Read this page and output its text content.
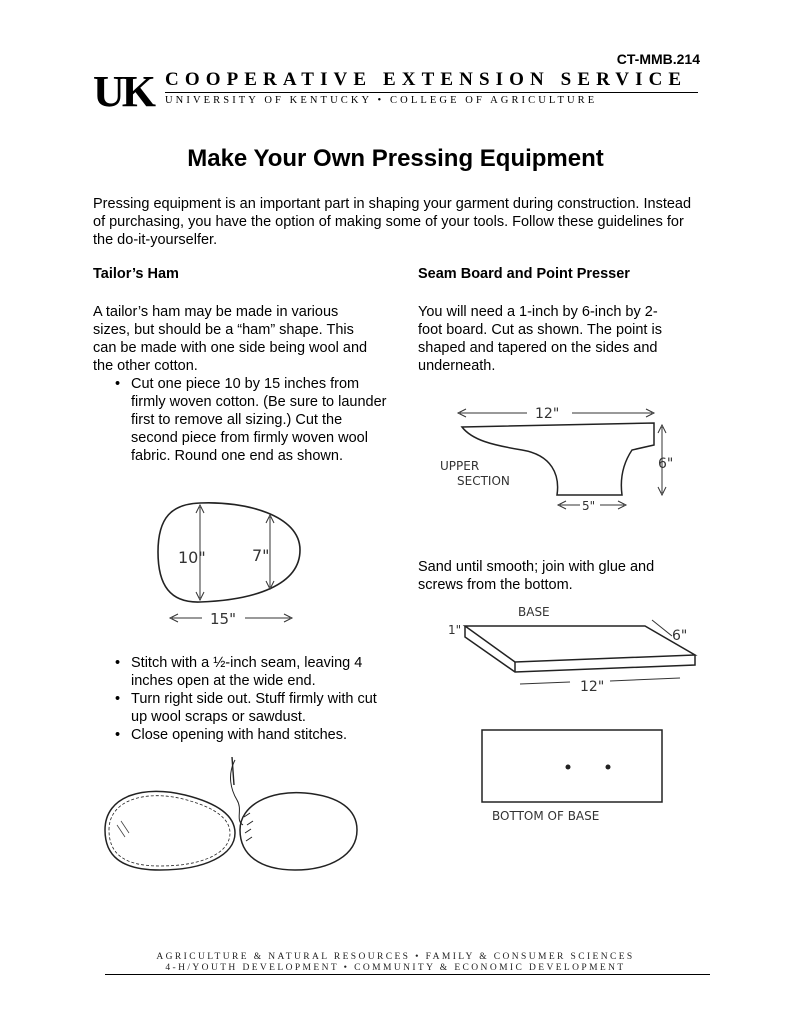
CT-MMB.214
UK COOPERATIVE EXTENSION SERVICE
UNIVERSITY OF KENTUCKY • COLLEGE OF AGRICULTURE
Make Your Own Pressing Equipment
Pressing equipment is an important part in shaping your garment during construction. Instead of purchasing, you have the option of making some of your tools. Follow these guidelines for the do-it-yourselfer.
Tailor’s Ham
A tailor’s ham may be made in various sizes, but should be a “ham” shape. This can be made with one side being wool and the other cotton.
• Cut one piece 10 by 15 inches from firmly woven cotton. (Be sure to launder first to remove all sizing.) Cut the second piece from firmly woven wool fabric. Round one end as shown.
10"	7"
15"
• Stitch with a ½-inch seam, leaving 4 inches open at the wide end.
• Turn right side out. Stuff firmly with cut up wool scraps or sawdust.
• Close opening with hand stitches.
Seam Board and Point Presser
You will need a 1-inch by 6-inch by 2-foot board. Cut as shown. The point is shaped and tapered on the sides and underneath.
12"
6"
UPPER
SECTION
5"
Sand until smooth; join with glue and screws from the bottom.
BASE
1"	6"
12"
BOTTOM OF BASE
AGRICULTURE & NATURAL RESOURCES • FAMILY & CONSUMER SCIENCES
4-H/YOUTH DEVELOPMENT • COMMUNITY & ECONOMIC DEVELOPMENT
